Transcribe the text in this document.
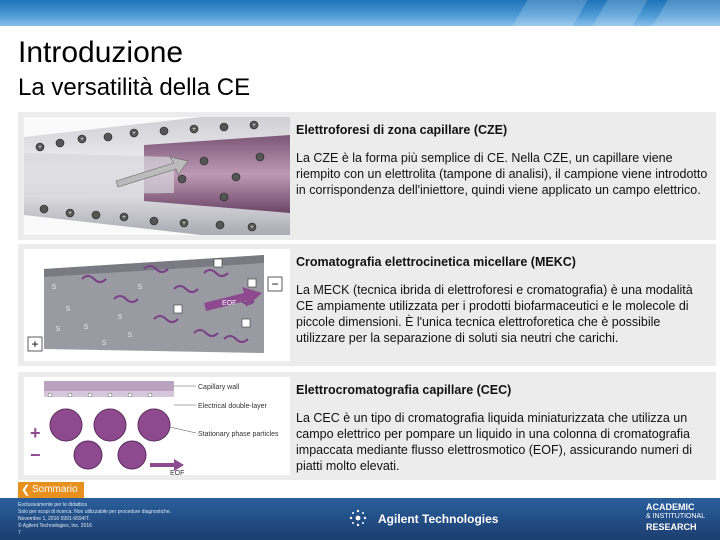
Introduzione
La versatilità della CE
+
+
+
+
+
+
+
+
+
Elettroforesi di zona capillare (CZE)
La CZE è la forma più semplice di CE. Nella CZE, un capillare viene riempito con un elettrolita (tampone di analisi), il campione viene introdotto in corrispondenza dell'iniettore, quindi viene applicato un campo elettrico.
S
S
S
S
S
S
S
S
EOF
−
+
Cromatografia elettrocinetica micellare (MEKC)
La MECK (tecnica ibrida di elettroforesi e cromatografia) è una modalità CE ampiamente utilizzata per i prodotti biofarmaceutici e le molecole di piccole dimensioni. È l'unica tecnica elettroforetica che è possibile utilizzare per la separazione di soluti sia neutri che carichi.
Capillary wall
Electrical double-layer
Stationary phase particles
EOF
+
−
Elettrocromatografia capillare (CEC)
La CEC è un tipo di cromatografia liquida miniaturizzata che utilizza un campo elettrico per pompare un liquido in una colonna di cromatografia impaccata mediante flusso elettrosmotico (EOF), assicurando numeri di piatti molto elevati.
❮ Sommario
Esclusivamente per le didattica
Solo per scopi di ricerca. Non utilizzabile per procedure diagnostiche.
Novembre 1, 2016 5991-6694IT.
© Agilent Technologies, Inc. 2016
7
Agilent Technologies
ACADEMIC
& INSTITUTIONAL
RESEARCH
